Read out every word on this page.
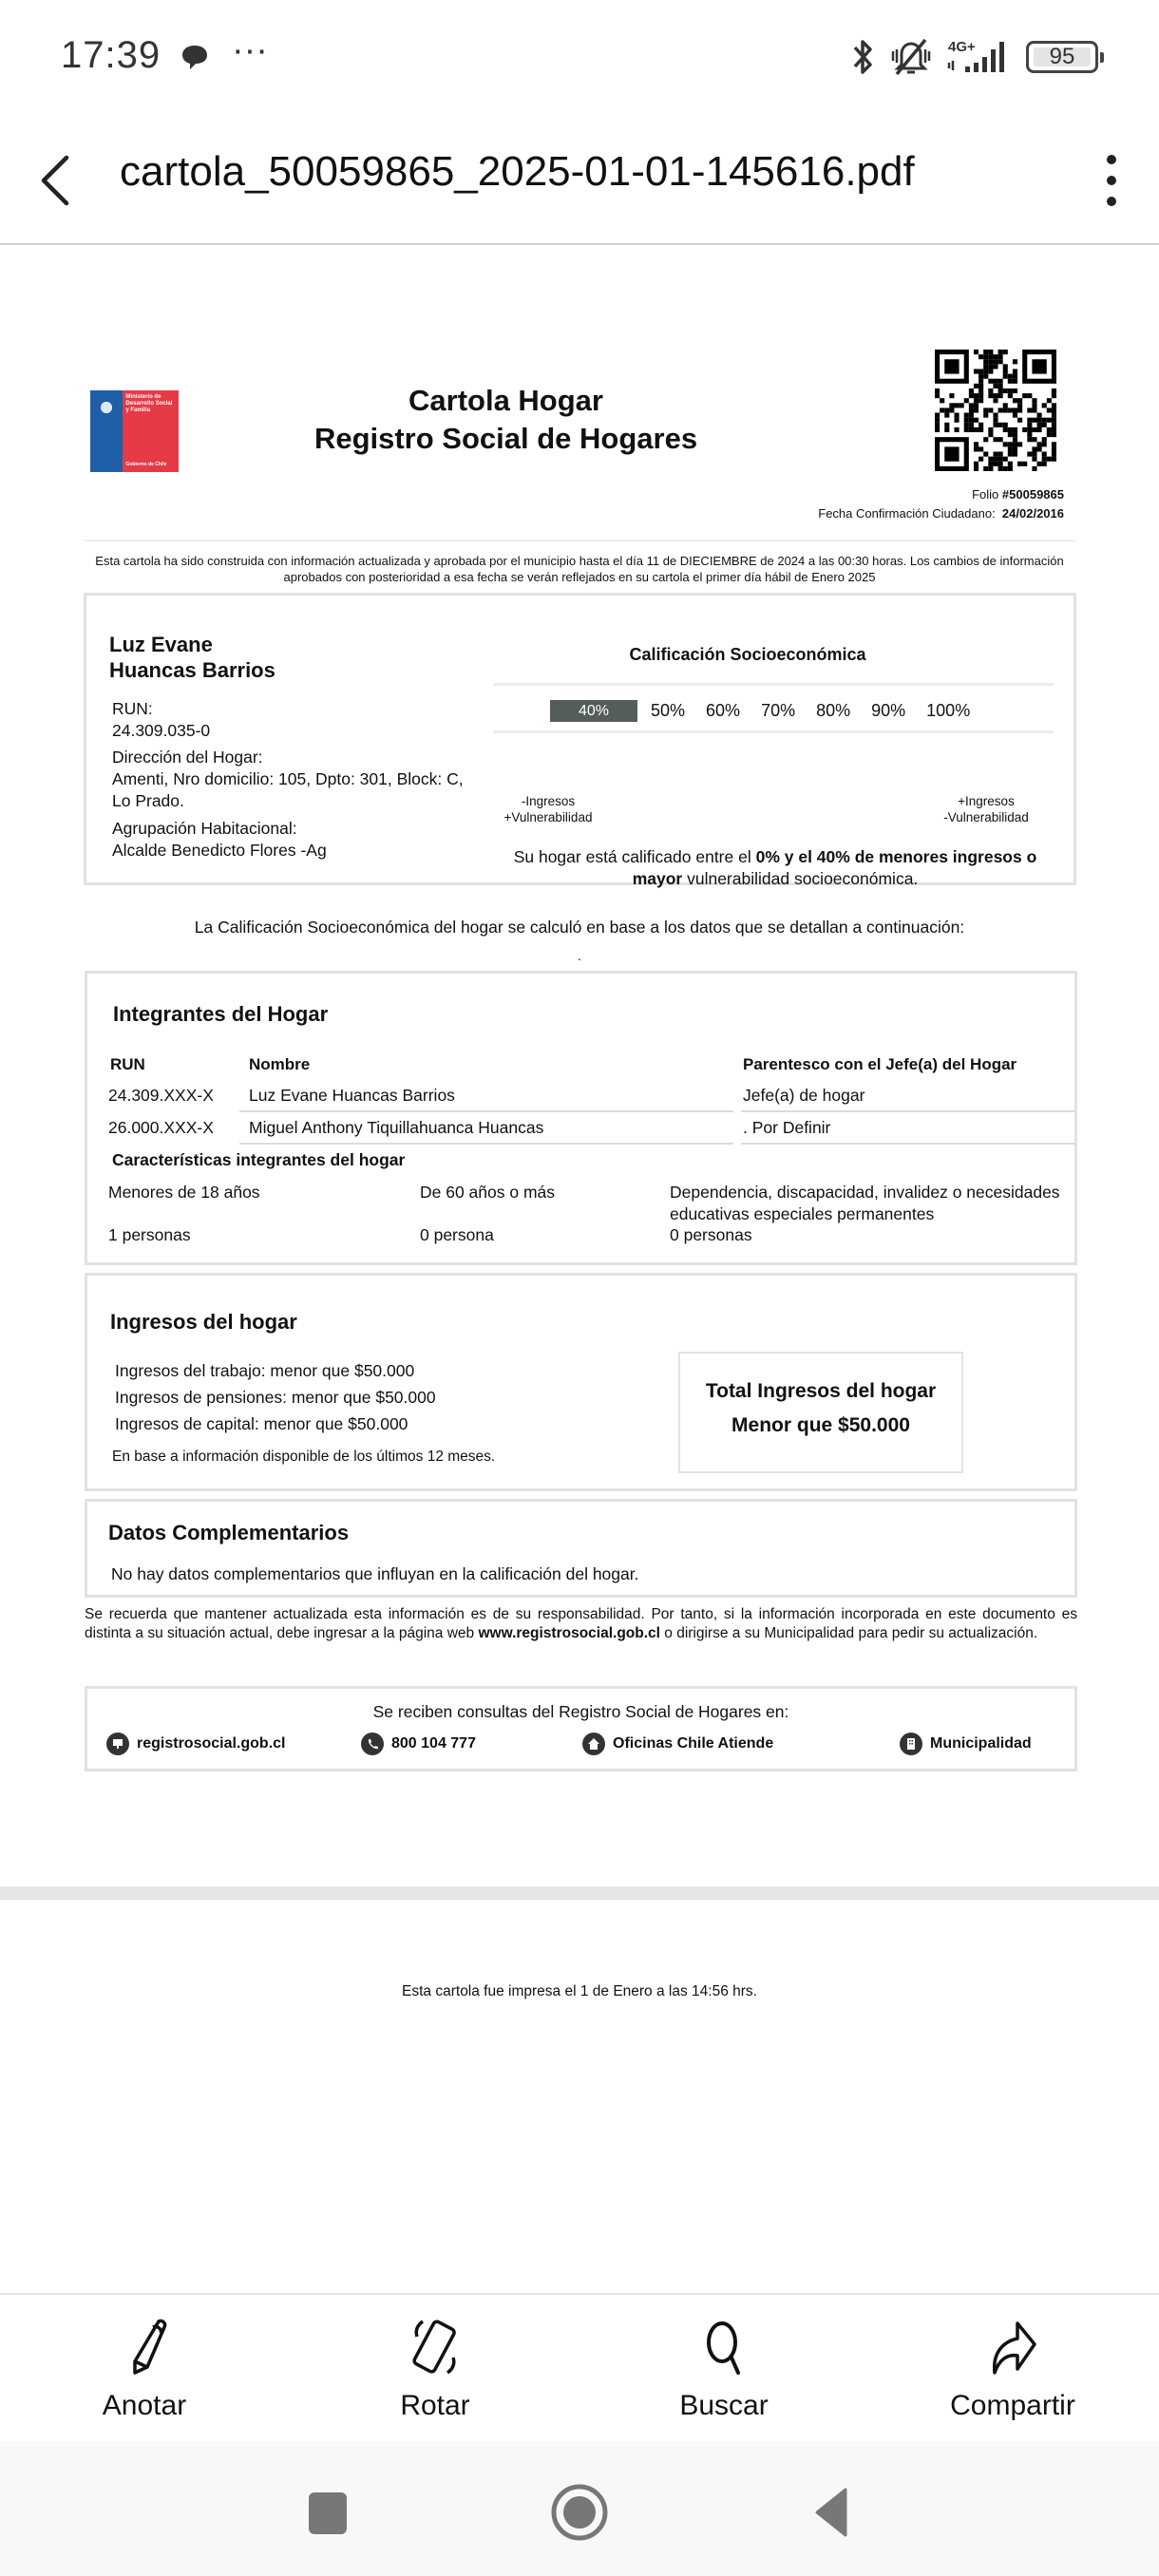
17:39 ···	4G+	95
cartola_50059865_2025-01-01-145616.pdf
Ministerio de Desarrollo Social y Familia
Gobierno de Chile
Cartola Hogar
Registro Social de Hogares
Folio #50059865
Fecha Confirmación Ciudadano: 24/02/2016
Esta cartola ha sido construida con información actualizada y aprobada por el municipio hasta el día 11 de DIECIEMBRE de 2024 a las 00:30 horas. Los cambios de información aprobados con posterioridad a esa fecha se verán reflejados en su cartola el primer día hábil de Enero 2025
Luz Evane
Huancas Barrios
RUN:
24.309.035-0
Dirección del Hogar:
Amenti, Nro domicilio: 105, Dpto: 301, Block: C, Lo Prado.
Agrupación Habitacional:
Alcalde Benedicto Flores -Ag
Calificación Socioeconómica
40%	50% 60% 70% 80% 90% 100%
-Ingresos
+Vulnerabilidad
+Ingresos
-Vulnerabilidad
Su hogar está calificado entre el 0% y el 40% de menores ingresos o mayor vulnerabilidad socioeconómica.
La Calificación Socioeconómica del hogar se calculó en base a los datos que se detallan a continuación:
.
Integrantes del Hogar
RUN	Nombre	Parentesco con el Jefe(a) del Hogar
24.309.XXX-X Luz Evane Huancas Barrios	Jefe(a) de hogar
26.000.XXX-X Miguel Anthony Tiquillahuanca Huancas	. Por Definir
Características integrantes del hogar
Menores de 18 años	De 60 años o más	Dependencia, discapacidad, invalidez o necesidades educativas especiales permanentes
1 personas	0 persona	0 personas
Ingresos del hogar
Ingresos del trabajo: menor que $50.000
Ingresos de pensiones: menor que $50.000
Ingresos de capital: menor que $50.000
En base a información disponible de los últimos 12 meses.
Total Ingresos del hogar
Menor que $50.000
Datos Complementarios
No hay datos complementarios que influyan en la calificación del hogar.
Se recuerda que mantener actualizada esta información es de su responsabilidad. Por tanto, si la información incorporada en este documento es distinta a su situación actual, debe ingresar a la página web www.registrosocial.gob.cl o dirigirse a su Municipalidad para pedir su actualización.
Se reciben consultas del Registro Social de Hogares en:
registrosocial.gob.cl	800 104 777	Oficinas Chile Atiende	Municipalidad
Esta cartola fue impresa el 1 de Enero a las 14:56 hrs.
Anotar	Rotar	Buscar	Compartir
